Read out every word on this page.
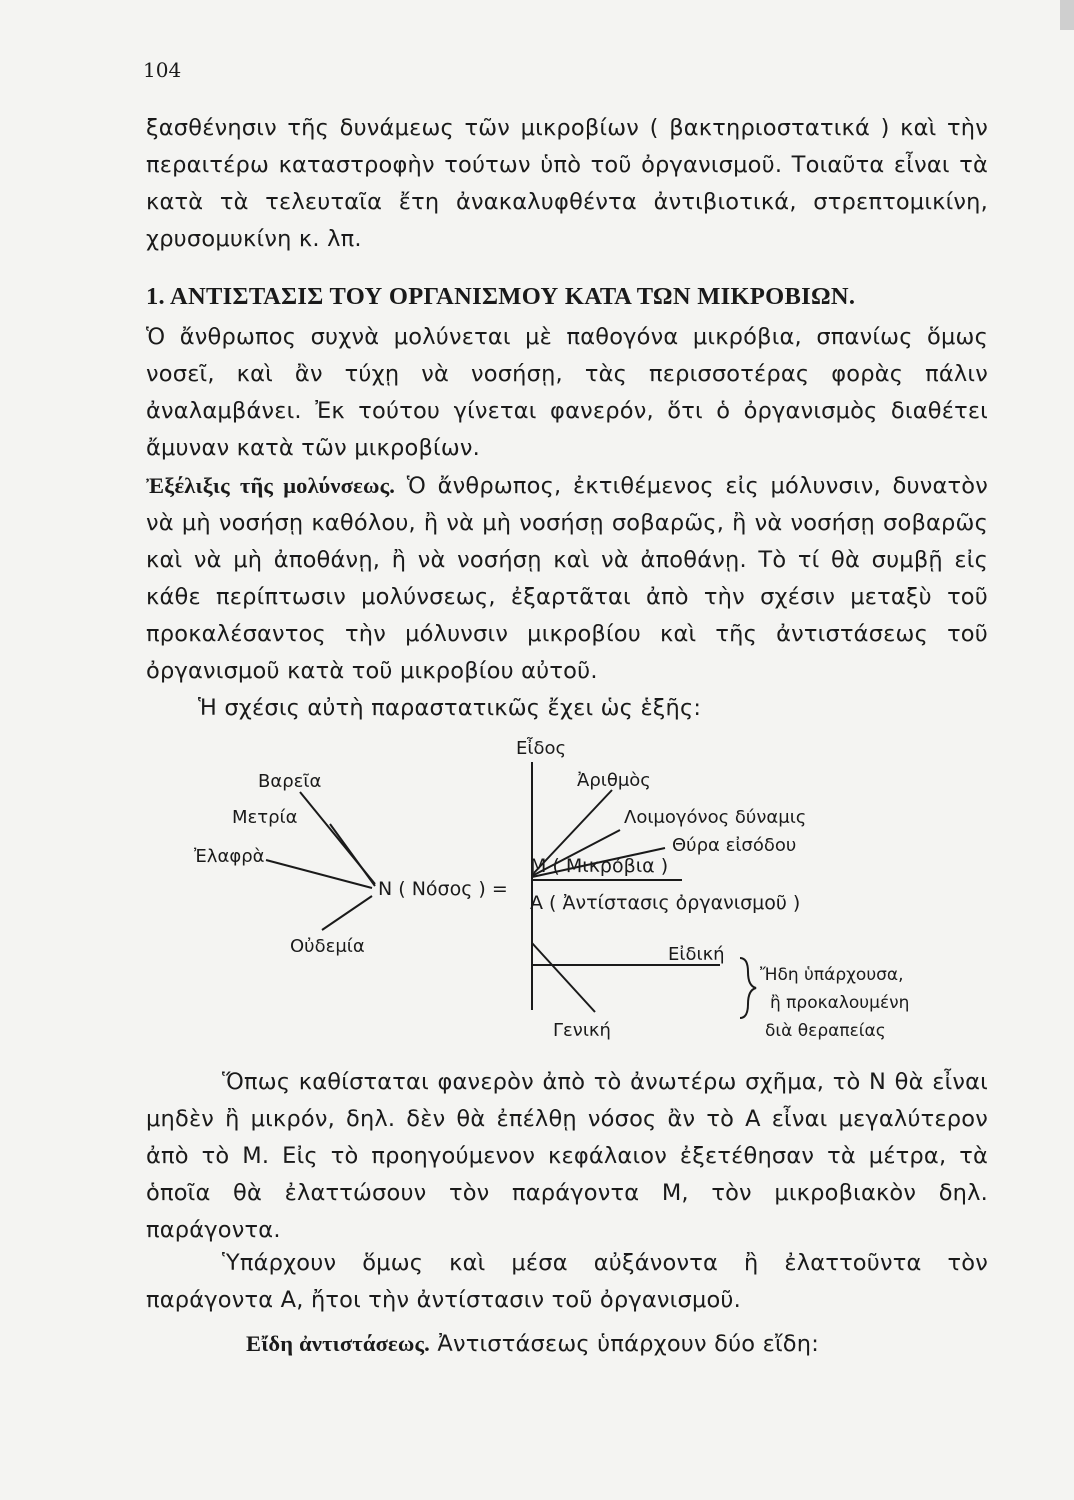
104
ξασθένησιν τῆς δυνάμεως τῶν μικροβίων ( βακτηριοστατικά ) καὶ τὴν περαιτέρω καταστροφὴν τούτων ὑπὸ τοῦ ὀργανισμοῦ. Τοιαῦτα εἶναι τὰ κατὰ τὰ τελευταῖα ἔτη ἀνακαλυφθέντα ἀντιβιοτικά, στρεπτομικίνη, χρυσομυκίνη κ. λπ.
1. ΑΝΤΙΣΤΑΣΙΣ ΤΟΥ ΟΡΓΑΝΙΣΜΟΥ ΚΑΤΑ ΤΩΝ ΜΙΚΡΟΒΙΩΝ.
Ὁ ἄνθρωπος συχνὰ μολύνεται μὲ παθογόνα μικρόβια, σπανίως ὅμως νοσεῖ, καὶ ἂν τύχῃ νὰ νοσήσῃ, τὰς περισσοτέρας φορὰς πάλιν ἀναλαμβάνει. Ἐκ τούτου γίνεται φανερόν, ὅτι ὁ ὀργανισμὸς διαθέτει ἄμυναν κατὰ τῶν μικροβίων.
Ἐξέλιξις τῆς μολύνσεως. Ὁ ἄνθρωπος, ἐκτιθέμενος εἰς μόλυνσιν, δυνατὸν νὰ μὴ νοσήσῃ καθόλου, ἢ νὰ μὴ νοσήσῃ σοβαρῶς, ἢ νὰ νοσήσῃ σοβαρῶς καὶ νὰ μὴ ἀποθάνῃ, ἢ νὰ νοσήσῃ καὶ νὰ ἀποθάνῃ. Τὸ τί θὰ συμβῇ εἰς κάθε περίπτωσιν μολύνσεως, ἐξαρτᾶται ἀπὸ τὴν σχέσιν μεταξὺ τοῦ προκαλέσαντος τὴν μόλυνσιν μικροβίου καὶ τῆς ἀντιστάσεως τοῦ ὀργανισμοῦ κατὰ τοῦ μικροβίου αὐτοῦ.
Ἡ σχέσις αὐτὴ παραστατικῶς ἔχει ὡς ἑξῆς:
Εἶδος
Ἀριθμὸς
Λοιμογόνος δύναμις
Θύρα εἰσόδου
Βαρεῖα
Μετρία
Ἐλαφρὰ
Οὐδεμία
N ( Νόσος ) =
M ( Μικρόβια )
A ( Ἀντίστασις ὀργανισμοῦ )
Εἰδική
Γενική
Ἤδη ὑπάρχουσα,
ἢ προκαλουμένη
διὰ θεραπείας
Ὅπως καθίσταται φανερὸν ἀπὸ τὸ ἀνωτέρω σχῆμα, τὸ N θὰ εἶναι μηδὲν ἢ μικρόν, δηλ. δὲν θὰ ἐπέλθῃ νόσος ἂν τὸ A εἶναι μεγαλύτερον ἀπὸ τὸ M. Εἰς τὸ προηγούμενον κεφάλαιον ἐξετέθησαν τὰ μέτρα, τὰ ὁποῖα θὰ ἐλαττώσουν τὸν παράγοντα M, τὸν μικροβιακὸν δηλ. παράγοντα.
Ὑπάρχουν ὅμως καὶ μέσα αὐξάνοντα ἢ ἐλαττοῦντα τὸν παράγοντα A, ἤτοι τὴν ἀντίστασιν τοῦ ὀργανισμοῦ.
Εἴδη ἀντιστάσεως. Ἀντιστάσεως ὑπάρχουν δύο εἴδη:
